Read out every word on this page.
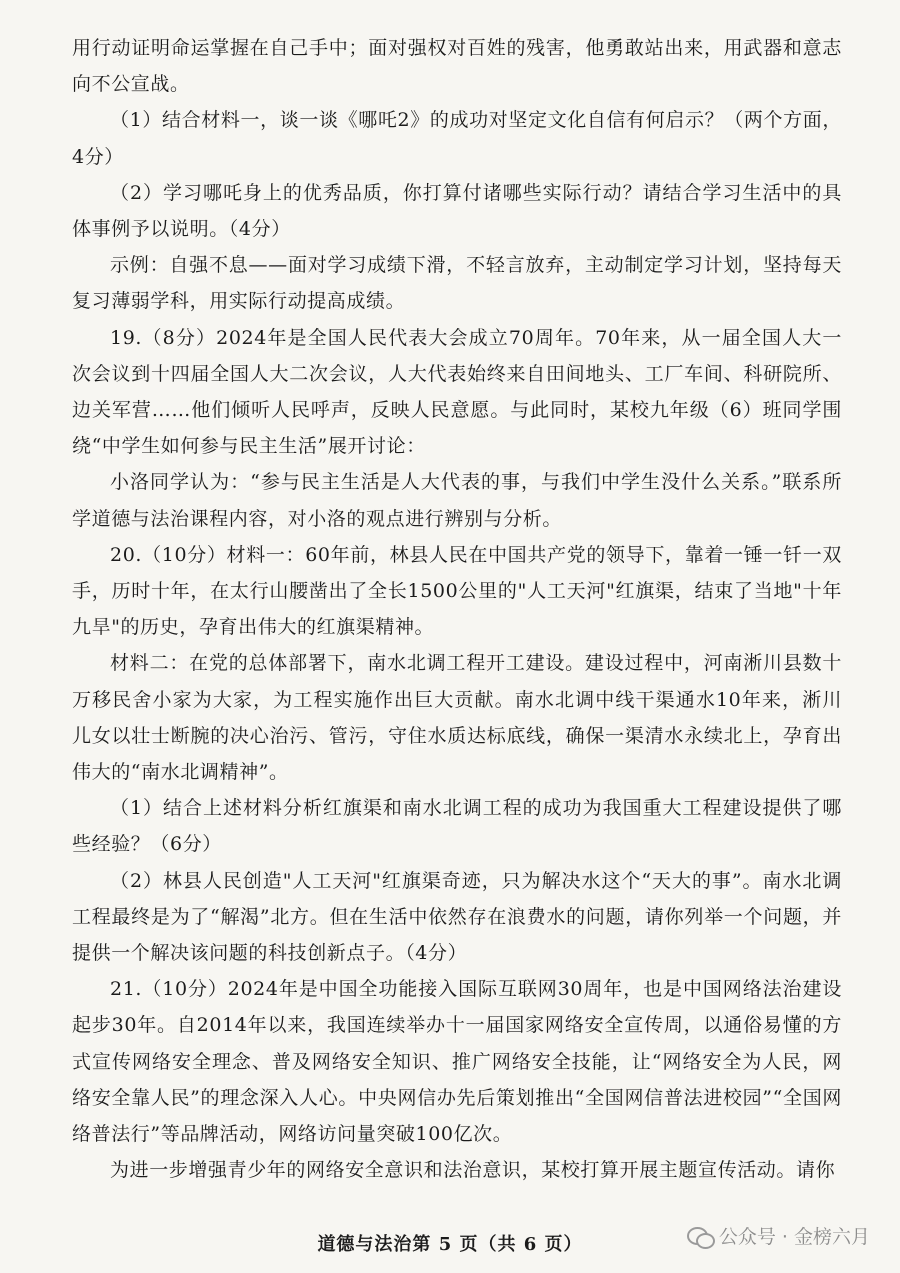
用行动证明命运掌握在自己手中；面对强权对百姓的残害，他勇敢站出来，用武器和意志向不公宣战。

（1）结合材料一，谈一谈《哪吒2》的成功对坚定文化自信有何启示？（两个方面，4分）

（2）学习哪吒身上的优秀品质，你打算付诸哪些实际行动？请结合学习生活中的具体事例予以说明。（4分）

示例：自强不息——面对学习成绩下滑，不轻言放弃，主动制定学习计划，坚持每天复习薄弱学科，用实际行动提高成绩。

19.（8分）2024年是全国人民代表大会成立70周年。70年来，从一届全国人大一次会议到十四届全国人大二次会议，人大代表始终来自田间地头、工厂车间、科研院所、边关军营……他们倾听人民呼声，反映人民意愿。与此同时，某校九年级（6）班同学围绕“中学生如何参与民主生活”展开讨论：

小洛同学认为：“参与民主生活是人大代表的事，与我们中学生没什么关系。”联系所学道德与法治课程内容，对小洛的观点进行辨别与分析。

20.（10分）材料一：60年前，林县人民在中国共产党的领导下，靠着一锤一钎一双手，历时十年，在太行山腰凿出了全长1500公里的"人工天河"红旗渠，结束了当地"十年九旱"的历史，孕育出伟大的红旗渠精神。

材料二：在党的总体部署下，南水北调工程开工建设。建设过程中，河南淅川县数十万移民舍小家为大家，为工程实施作出巨大贡献。南水北调中线干渠通水10年来，淅川儿女以壮士断腕的决心治污、管污，守住水质达标底线，确保一渠清水永续北上，孕育出伟大的“南水北调精神”。

（1）结合上述材料分析红旗渠和南水北调工程的成功为我国重大工程建设提供了哪些经验？（6分）

（2）林县人民创造"人工天河"红旗渠奇迹，只为解决水这个“天大的事”。南水北调工程最终是为了“解渴”北方。但在生活中依然存在浪费水的问题，请你列举一个问题，并提供一个解决该问题的科技创新点子。（4分）

21.（10分）2024年是中国全功能接入国际互联网30周年，也是中国网络法治建设起步30年。自2014年以来，我国连续举办十一届国家网络安全宣传周，以通俗易懂的方式宣传网络安全理念、普及网络安全知识、推广网络安全技能，让“网络安全为人民，网络安全靠人民”的理念深入人心。中央网信办先后策划推出“全国网信普法进校园”“全国网络普法行”等品牌活动，网络访问量突破100亿次。

为进一步增强青少年的网络安全意识和法治意识，某校打算开展主题宣传活动。请你

道德与法治第 5 页（共 6 页）	公众号 · 金榜六月
